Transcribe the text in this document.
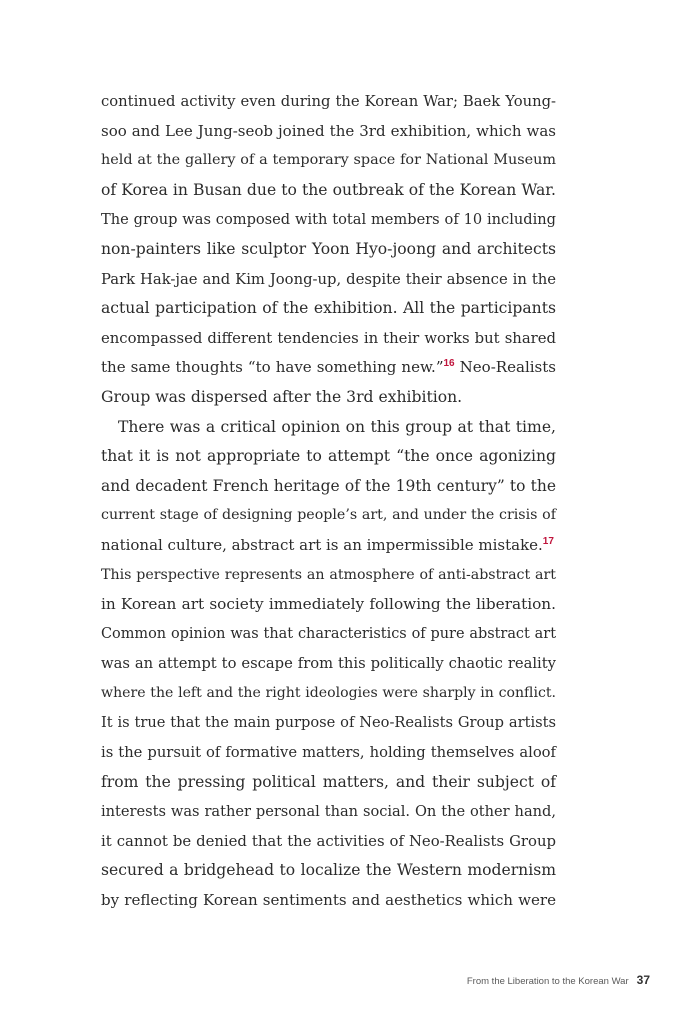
continued activity even during the Korean War; Baek Young-
soo and Lee Jung-seob joined the 3rd exhibition, which was
held at the gallery of a temporary space for National Museum
of Korea in Busan due to the outbreak of the Korean War.
The group was composed with total members of 10 including
non-painters like sculptor Yoon Hyo-joong and architects
Park Hak-jae and Kim Joong-up, despite their absence in the
actual participation of the exhibition. All the participants
encompassed different tendencies in their works but shared
the same thoughts “to have something new.”$^{16}$ Neo-Realists
Group was dispersed after the 3rd exhibition.
There was a critical opinion on this group at that time,
that it is not appropriate to attempt “the once agonizing
and decadent French heritage of the 19th century” to the
current stage of designing people’s art, and under the crisis of
national culture, abstract art is an impermissible mistake.$^{17}$
This perspective represents an atmosphere of anti-abstract art
in Korean art society immediately following the liberation.
Common opinion was that characteristics of pure abstract art
was an attempt to escape from this politically chaotic reality
where the left and the right ideologies were sharply in conflict.
It is true that the main purpose of Neo-Realists Group artists
is the pursuit of formative matters, holding themselves aloof
from the pressing political matters, and their subject of
interests was rather personal than social. On the other hand,
it cannot be denied that the activities of Neo-Realists Group
secured a bridgehead to localize the Western modernism
by reflecting Korean sentiments and aesthetics which were
From the Liberation to the Korean War 37
